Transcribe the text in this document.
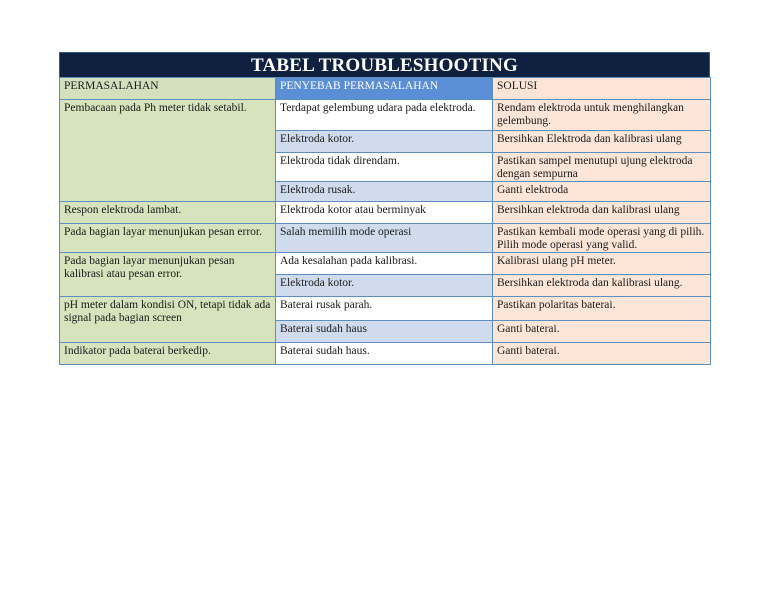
TABEL TROUBLESHOOTING
PERMASALAHAN	PENYEBAB PERMASALAHAN	SOLUSI
Pembacaan pada Ph meter tidak setabil.	Terdapat gelembung udara pada elektroda.	Rendam elektroda untuk menghilangkan gelembung.
	Elektroda kotor.	Bersihkan Elektroda dan kalibrasi ulang
	Elektroda tidak direndam.	Pastikan sampel menutupi ujung elektroda dengan sempurna
	Elektroda rusak.	Ganti elektroda
Respon elektroda lambat.	Elektroda kotor atau berminyak	Bersihkan elektroda dan kalibrasi ulang
Pada bagian layar menunjukan pesan error.	Salah memilih mode operasi	Pastikan kembali mode operasi yang di pilih. Pilih mode operasi yang valid.
Pada bagian layar menunjukan pesan kalibrasi atau pesan error.	Ada kesalahan pada kalibrasi.	Kalibrasi ulang pH meter.
	Elektroda kotor.	Bersihkan elektroda dan kalibrasi ulang.
pH meter dalam kondisi ON, tetapi tidak ada signal pada bagian screen	Baterai rusak parah.	Pastikan polaritas baterai.
	Baterai sudah haus	Ganti baterai.
Indikator pada baterai berkedip.	Baterai sudah haus.	Ganti baterai.
